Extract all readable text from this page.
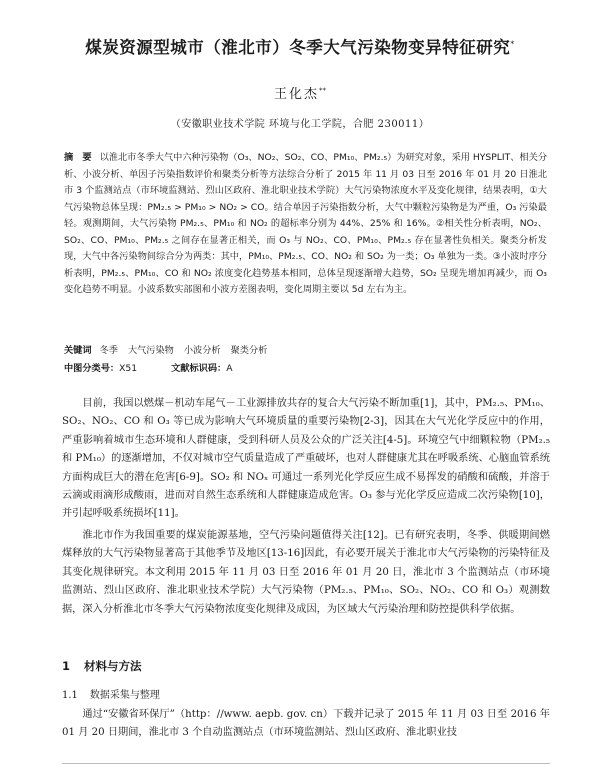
煤炭资源型城市（淮北市）冬季大气污染物变异特征研究*
王化杰**
（安徽职业技术学院 环境与化工学院，合肥 230011）

摘　要 以淮北市冬季大气中六种污染物（O₃、NO₂、SO₂、CO、PM₁₀、PM₂.₅）为研究对象，采用 HYSPLIT、相关分析、小波分析、单因子污染指数评价和聚类分析等方法综合分析了 2015 年 11 月 03 日至 2016 年 01 月 20 日淮北市 3 个监测站点（市环境监测站、烈山区政府、淮北职业技术学院）大气污染物浓度水平及变化规律，结果表明，①大气污染物总体呈现：PM₂.₅ > PM₁₀ > NO₂ > CO。结合单因子污染指数分析，大气中颗粒污染物是为严重，O₃ 污染最轻。观测期间，大气污染物 PM₂.₅、PM₁₀ 和 NO₂ 的超标率分别为 44%、25% 和 16%。②相关性分析表明，NO₂、SO₂、CO、PM₁₀、PM₂.₅ 之间存在显著正相关，而 O₃ 与 NO₂、CO、PM₁₀、PM₂.₅ 存在显著性负相关。聚类分析发现，大气中各污染物间综合分为两类：其中，PM₁₀、PM₂.₅、CO、NO₂ 和 SO₂ 为一类；O₃ 单独为一类。③小波时序分析表明，PM₂.₅、PM₁₀、CO 和 NO₂ 浓度变化趋势基本相同，总体呈现逐渐增大趋势，SO₂ 呈现先增加再减少，而 O₃ 变化趋势不明显。小波系数实部图和小波方差图表明，变化周期主要以 5d 左右为主。

关键词 冬季 大气污染物 小波分析 聚类分析

中图分类号：X51	文献标识码：A

目前，我国以燃煤－机动车尾气－工业源排放共存的复合大气污染不断加重[1]，其中，PM₂.₅、PM₁₀、SO₂、NO₂、CO 和 O₃ 等已成为影响大气环境质量的重要污染物[2-3]，因其在大气光化学反应中的作用，严重影响着城市生态环境和人群健康，受到科研人员及公众的广泛关注[4-5]。环境空气中细颗粒物（PM₂.₅ 和 PM₁₀）的逐渐增加，不仅对城市空气质量造成了严重破坏，也对人群健康尤其在呼吸系统、心脑血管系统方面构成巨大的潜在危害[6-9]。SO₂ 和 NOₓ 可通过一系列光化学反应生成不易挥发的硝酸和硫酸，并溶于云滴或雨滴形成酸雨，进而对自然生态系统和人群健康造成危害。O₃ 参与光化学反应造成二次污染物[10]，并引起呼吸系统损坏[11]。

淮北市作为我国重要的煤炭能源基地，空气污染问题值得关注[12]。已有研究表明，冬季、供暖期间燃煤释放的大气污染物显著高于其他季节及地区[13-16]因此，有必要开展关于淮北市大气污染物的污染特征及其变化规律研究。本文利用 2015 年 11 月 03 日至 2016 年 01 月 20 日，淮北市 3 个监测站点（市环境监测站、烈山区政府、淮北职业技术学院）大气污染物（PM₂.₅、PM₁₀、SO₂、NO₂、CO 和 O₃）观测数据，深入分析淮北市冬季大气污染物浓度变化规律及成因，为区域大气污染治理和防控提供科学依据。

1 材料与方法

1.1 数据采集与整理

通过“安徽省环保厅”（http：//www. aepb. gov. cn）下载并记录了 2015 年 11 月 03 日至 2016 年 01 月 20 日期间，淮北市 3 个自动监测站点（市环境监测站、烈山区政府、淮北职业技
